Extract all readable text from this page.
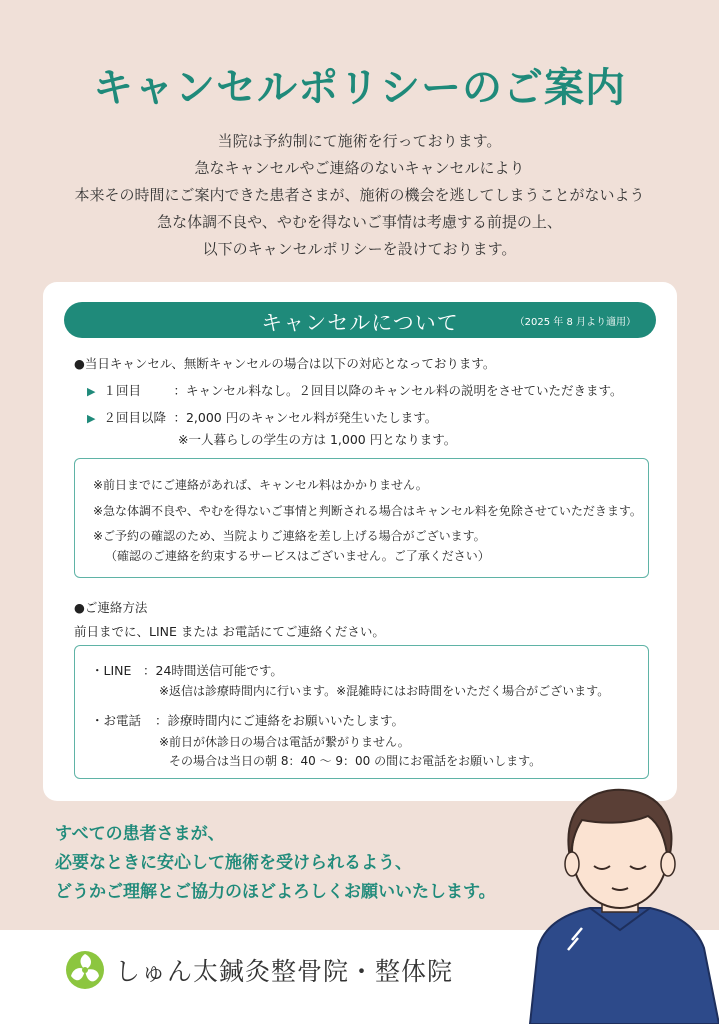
キャンセルポリシーのご案内
当院は予約制にて施術を行っております。
急なキャンセルやご連絡のないキャンセルにより
本来その時間にご案内できた患者さまが、施術の機会を逃してしまうことがないよう
急な体調不良や、やむを得ないご事情は考慮する前提の上、
以下のキャンセルポリシーを設けております。
キャンセルについて	（2025 年 8 月より適用）
●当日キャンセル、無断キャンセルの場合は以下の対応となっております。
▶ １回目	：キャンセル料なし。２回目以降のキャンセル料の説明をさせていただきます。
▶ ２回目以降 ：2,000 円のキャンセル料が発生いたします。
※一人暮らしの学生の方は 1,000 円となります。
※前日までにご連絡があれば、キャンセル料はかかりません。
※急な体調不良や、やむを得ないご事情と判断される場合はキャンセル料を免除させていただきます。
※ご予約の確認のため、当院よりご連絡を差し上げる場合がございます。
（確認のご連絡を約束するサービスはございません。ご了承ください）
●ご連絡方法
前日までに、LINE または お電話にてご連絡ください。
・LINE ：24時間送信可能です。
※返信は診療時間内に行います。※混雑時にはお時間をいただく場合がございます。
・お電話 ：診療時間内にご連絡をお願いいたします。
※前日が休診日の場合は電話が繋がりません。
その場合は当日の朝 8：40 ～ 9：00 の間にお電話をお願いします。
すべての患者さまが、
必要なときに安心して施術を受けられるよう、
どうかご理解とご協力のほどよろしくお願いいたします。
しゅん太鍼灸整骨院・整体院
